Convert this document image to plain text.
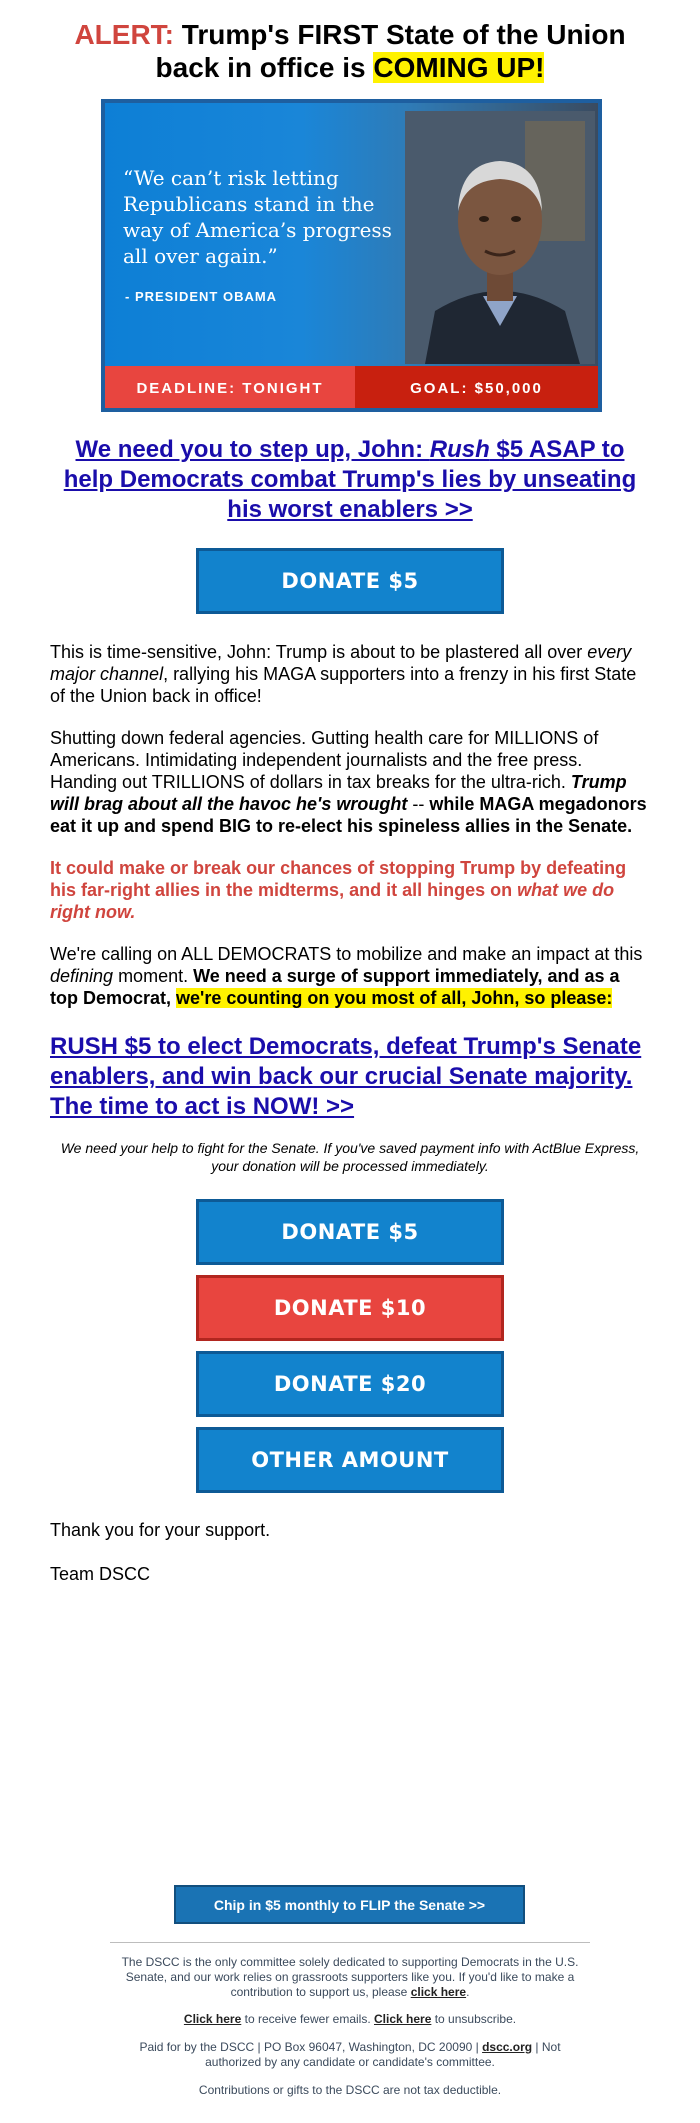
ALERT: Trump's FIRST State of the Union back in office is COMING UP!
“We can’t risk letting Republicans stand in the way of America’s progress all over again.”
- PRESIDENT OBAMA
DEADLINE: TONIGHT	GOAL: $50,000
We need you to step up, John: Rush $5 ASAP to help Democrats combat Trump's lies by unseating his worst enablers >>
DONATE $5
This is time-sensitive, John: Trump is about to be plastered all over every major channel, rallying his MAGA supporters into a frenzy in his first State of the Union back in office!
Shutting down federal agencies. Gutting health care for MILLIONS of Americans. Intimidating independent journalists and the free press. Handing out TRILLIONS of dollars in tax breaks for the ultra-rich. Trump will brag about all the havoc he's wrought -- while MAGA megadonors eat it up and spend BIG to re-elect his spineless allies in the Senate.
It could make or break our chances of stopping Trump by defeating his far-right allies in the midterms, and it all hinges on what we do right now.
We're calling on ALL DEMOCRATS to mobilize and make an impact at this defining moment. We need a surge of support immediately, and as a top Democrat, we're counting on you most of all, John, so please:
RUSH $5 to elect Democrats, defeat Trump's Senate enablers, and win back our crucial Senate majority. The time to act is NOW! >>
We need your help to fight for the Senate. If you've saved payment info with ActBlue Express, your donation will be processed immediately.
DONATE $5
DONATE $10
DONATE $20
OTHER AMOUNT
Thank you for your support.
Team DSCC
Chip in $5 monthly to FLIP the Senate >>
The DSCC is the only committee solely dedicated to supporting Democrats in the U.S. Senate, and our work relies on grassroots supporters like you. If you'd like to make a contribution to support us, please click here.
Click here to receive fewer emails. Click here to unsubscribe.
Paid for by the DSCC | PO Box 96047, Washington, DC 20090 | dscc.org | Not authorized by any candidate or candidate's committee.
Contributions or gifts to the DSCC are not tax deductible.
